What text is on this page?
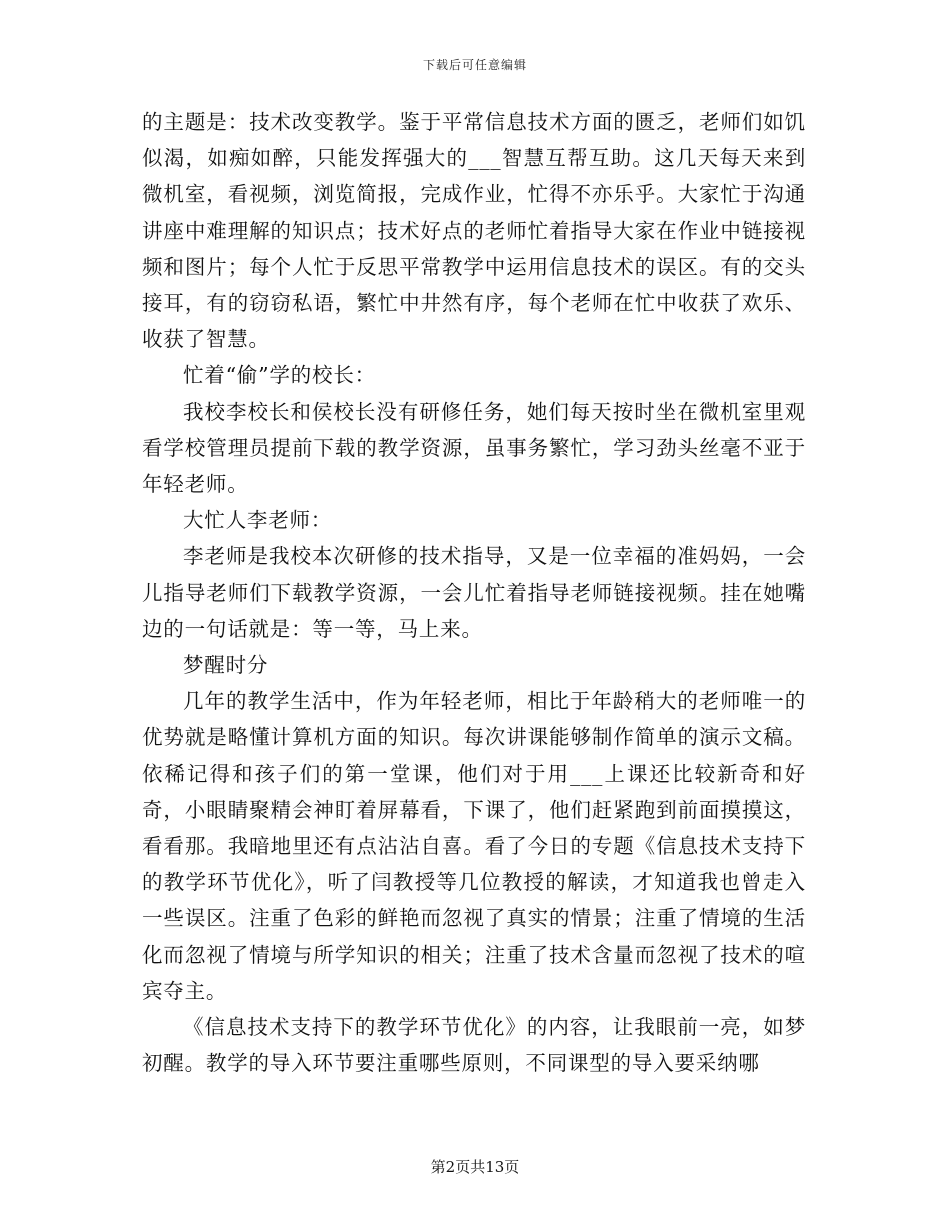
下载后可任意编辑

的主题是：技术改变教学。鉴于平常信息技术方面的匮乏，老师们如饥似渴，如痴如醉，只能发挥强大的___智慧互帮互助。这几天每天来到微机室，看视频，浏览简报，完成作业，忙得不亦乐乎。大家忙于沟通讲座中难理解的知识点；技术好点的老师忙着指导大家在作业中链接视频和图片；每个人忙于反思平常教学中运用信息技术的误区。有的交头接耳，有的窃窃私语，繁忙中井然有序，每个老师在忙中收获了欢乐、收获了智慧。

忙着“偷”学的校长：

我校李校长和侯校长没有研修任务，她们每天按时坐在微机室里观看学校管理员提前下载的教学资源，虽事务繁忙，学习劲头丝毫不亚于年轻老师。

大忙人李老师：

李老师是我校本次研修的技术指导，又是一位幸福的准妈妈，一会儿指导老师们下载教学资源，一会儿忙着指导老师链接视频。挂在她嘴边的一句话就是：等一等，马上来。

梦醒时分

几年的教学生活中，作为年轻老师，相比于年龄稍大的老师唯一的优势就是略懂计算机方面的知识。每次讲课能够制作简单的演示文稿。依稀记得和孩子们的第一堂课，他们对于用___上课还比较新奇和好奇，小眼睛聚精会神盯着屏幕看，下课了，他们赶紧跑到前面摸摸这，看看那。我暗地里还有点沾沾自喜。看了今日的专题《信息技术支持下的教学环节优化》，听了闫教授等几位教授的解读，才知道我也曾走入一些误区。注重了色彩的鲜艳而忽视了真实的情景；注重了情境的生活化而忽视了情境与所学知识的相关；注重了技术含量而忽视了技术的喧宾夺主。

《信息技术支持下的教学环节优化》的内容，让我眼前一亮，如梦初醒。教学的导入环节要注重哪些原则，不同课型的导入要采纳哪

第2页共13页
